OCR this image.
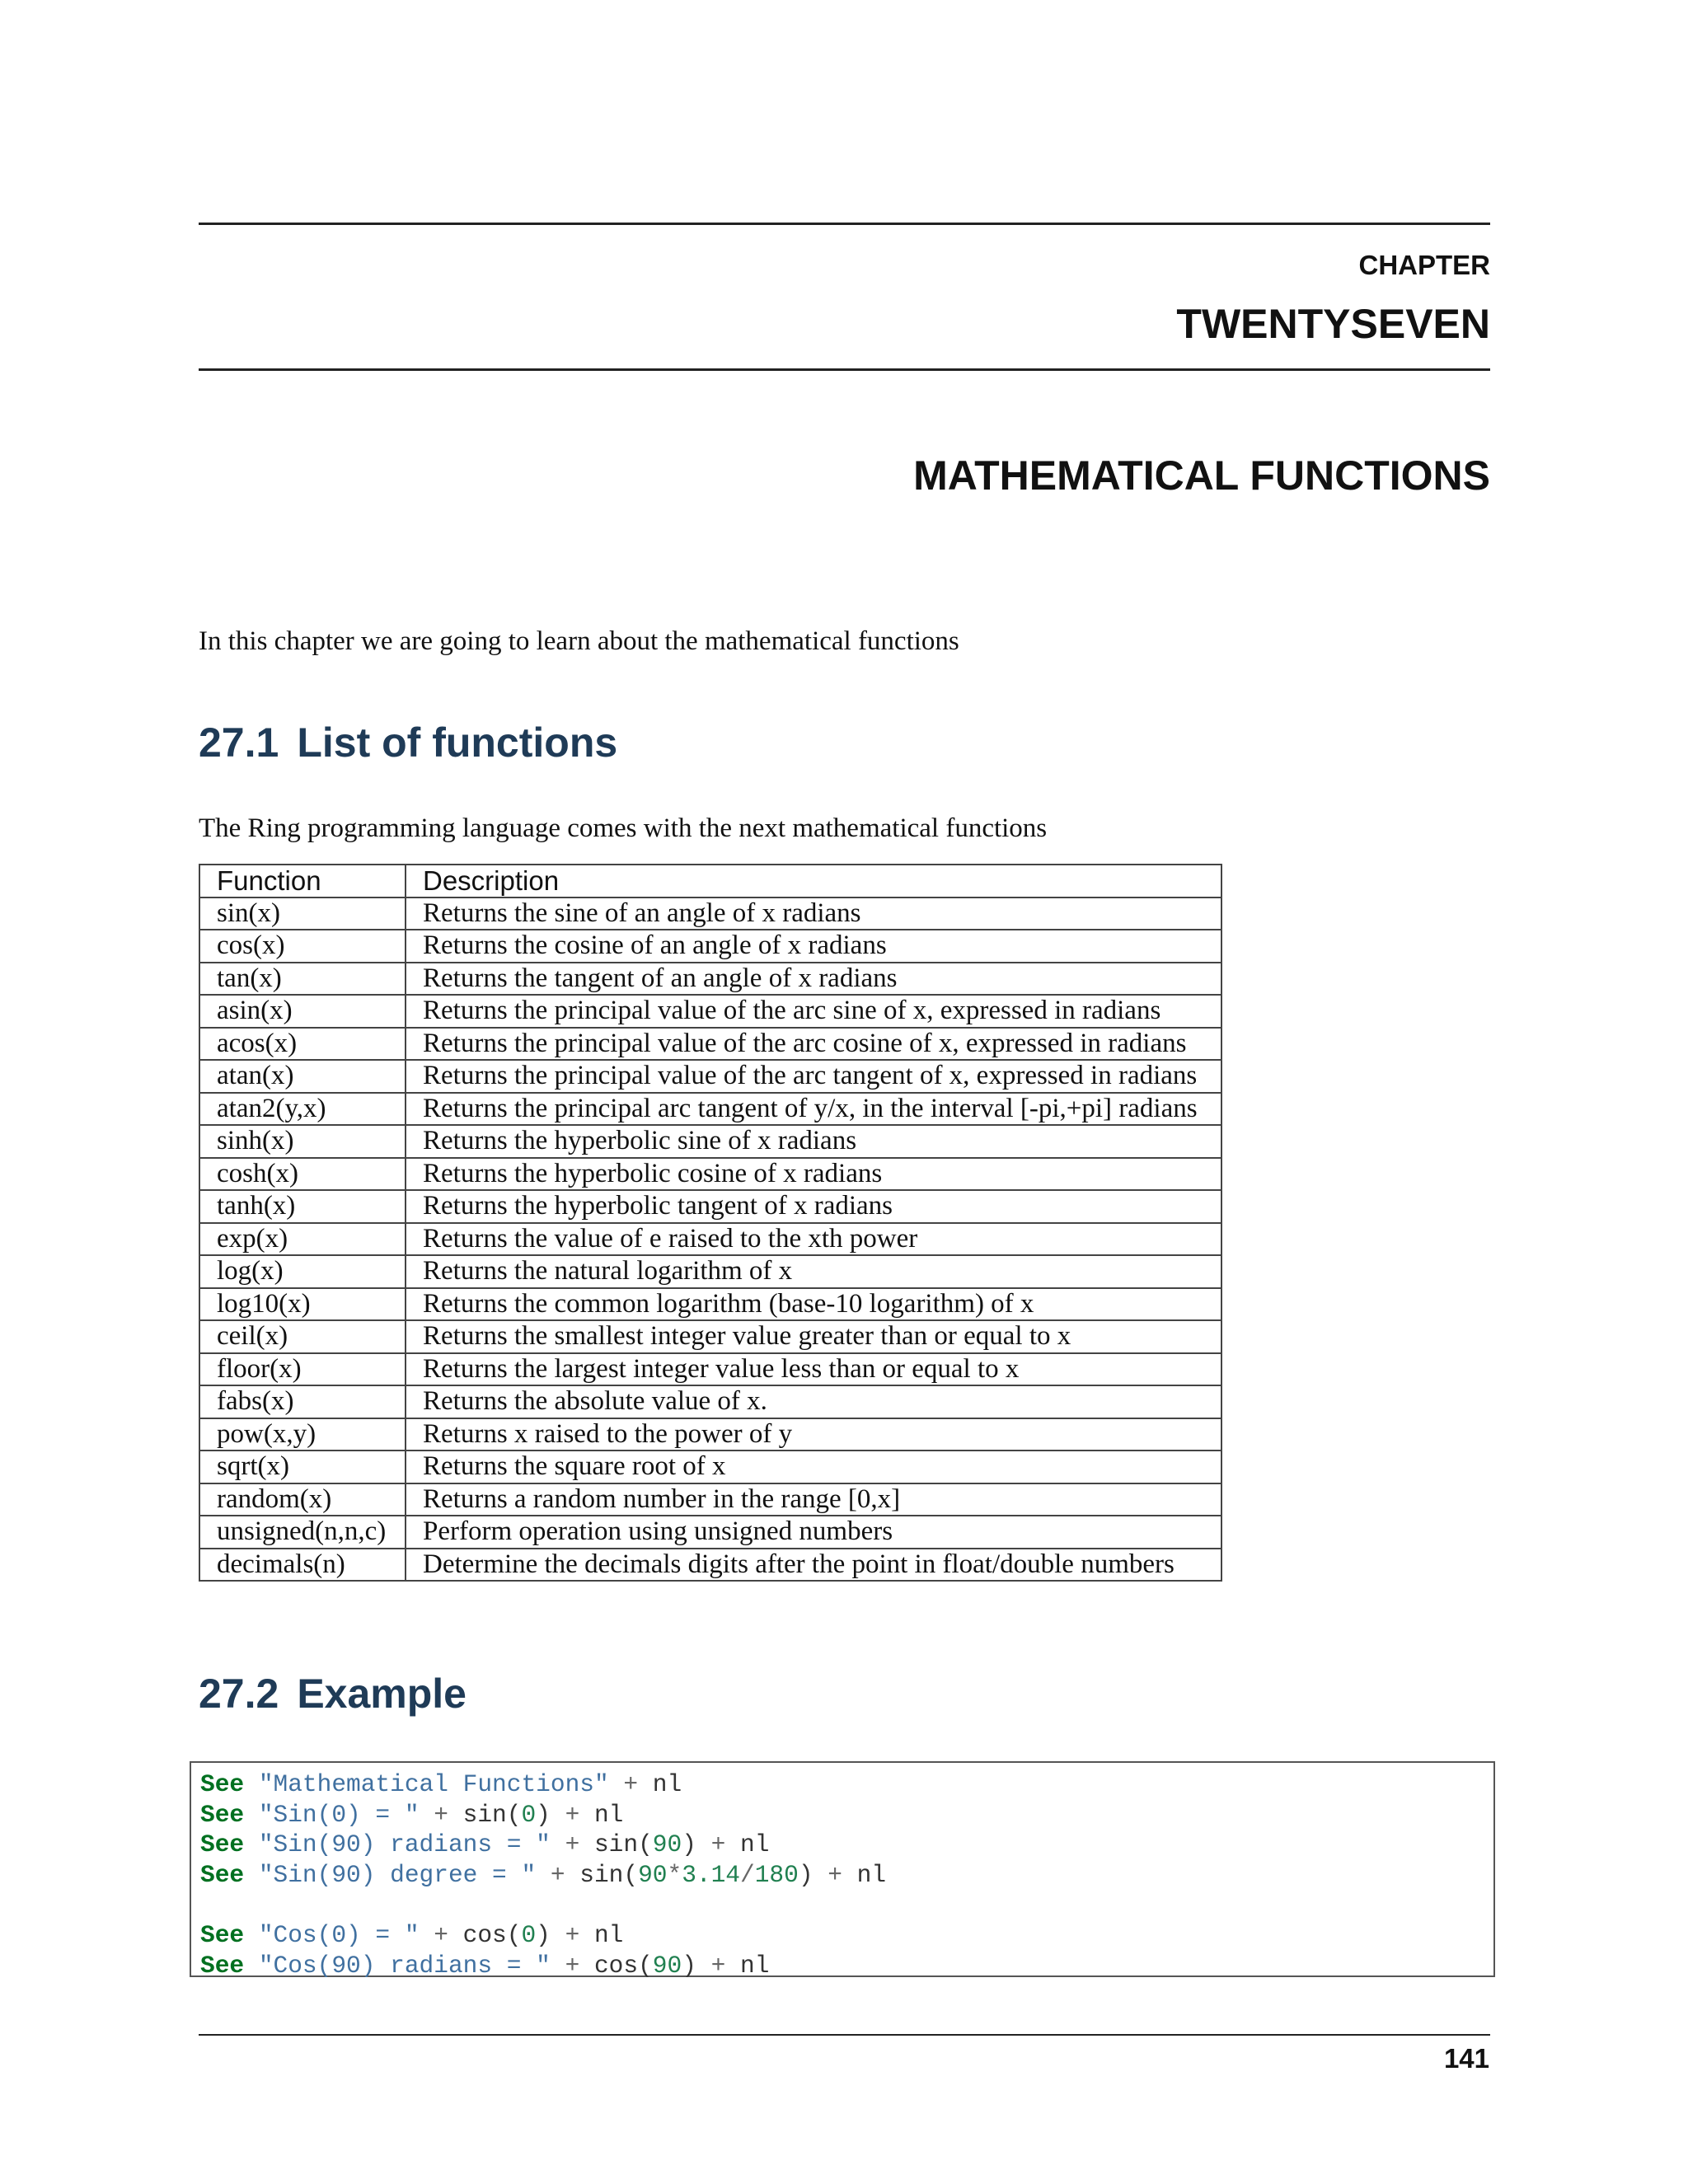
CHAPTER
TWENTYSEVEN
MATHEMATICAL FUNCTIONS
In this chapter we are going to learn about the mathematical functions
27.1 List of functions
The Ring programming language comes with the next mathematical functions
Function	Description
sin(x)	Returns the sine of an angle of x radians
cos(x)	Returns the cosine of an angle of x radians
tan(x)	Returns the tangent of an angle of x radians
asin(x)	Returns the principal value of the arc sine of x, expressed in radians
acos(x)	Returns the principal value of the arc cosine of x, expressed in radians
atan(x)	Returns the principal value of the arc tangent of x, expressed in radians
atan2(y,x)	Returns the principal arc tangent of y/x, in the interval [-pi,+pi] radians
sinh(x)	Returns the hyperbolic sine of x radians
cosh(x)	Returns the hyperbolic cosine of x radians
tanh(x)	Returns the hyperbolic tangent of x radians
exp(x)	Returns the value of e raised to the xth power
log(x)	Returns the natural logarithm of x
log10(x)	Returns the common logarithm (base-10 logarithm) of x
ceil(x)	Returns the smallest integer value greater than or equal to x
floor(x)	Returns the largest integer value less than or equal to x
fabs(x)	Returns the absolute value of x.
pow(x,y)	Returns x raised to the power of y
sqrt(x)	Returns the square root of x
random(x)	Returns a random number in the range [0,x]
unsigned(n,n,c)	Perform operation using unsigned numbers
decimals(n)	Determine the decimals digits after the point in float/double numbers
27.2 Example
See "Mathematical Functions" + nl
See "Sin(0) = " + sin(0) + nl
See "Sin(90) radians = " + sin(90) + nl
See "Sin(90) degree = " + sin(90*3.14/180) + nl

See "Cos(0) = " + cos(0) + nl
See "Cos(90) radians = " + cos(90) + nl
141
